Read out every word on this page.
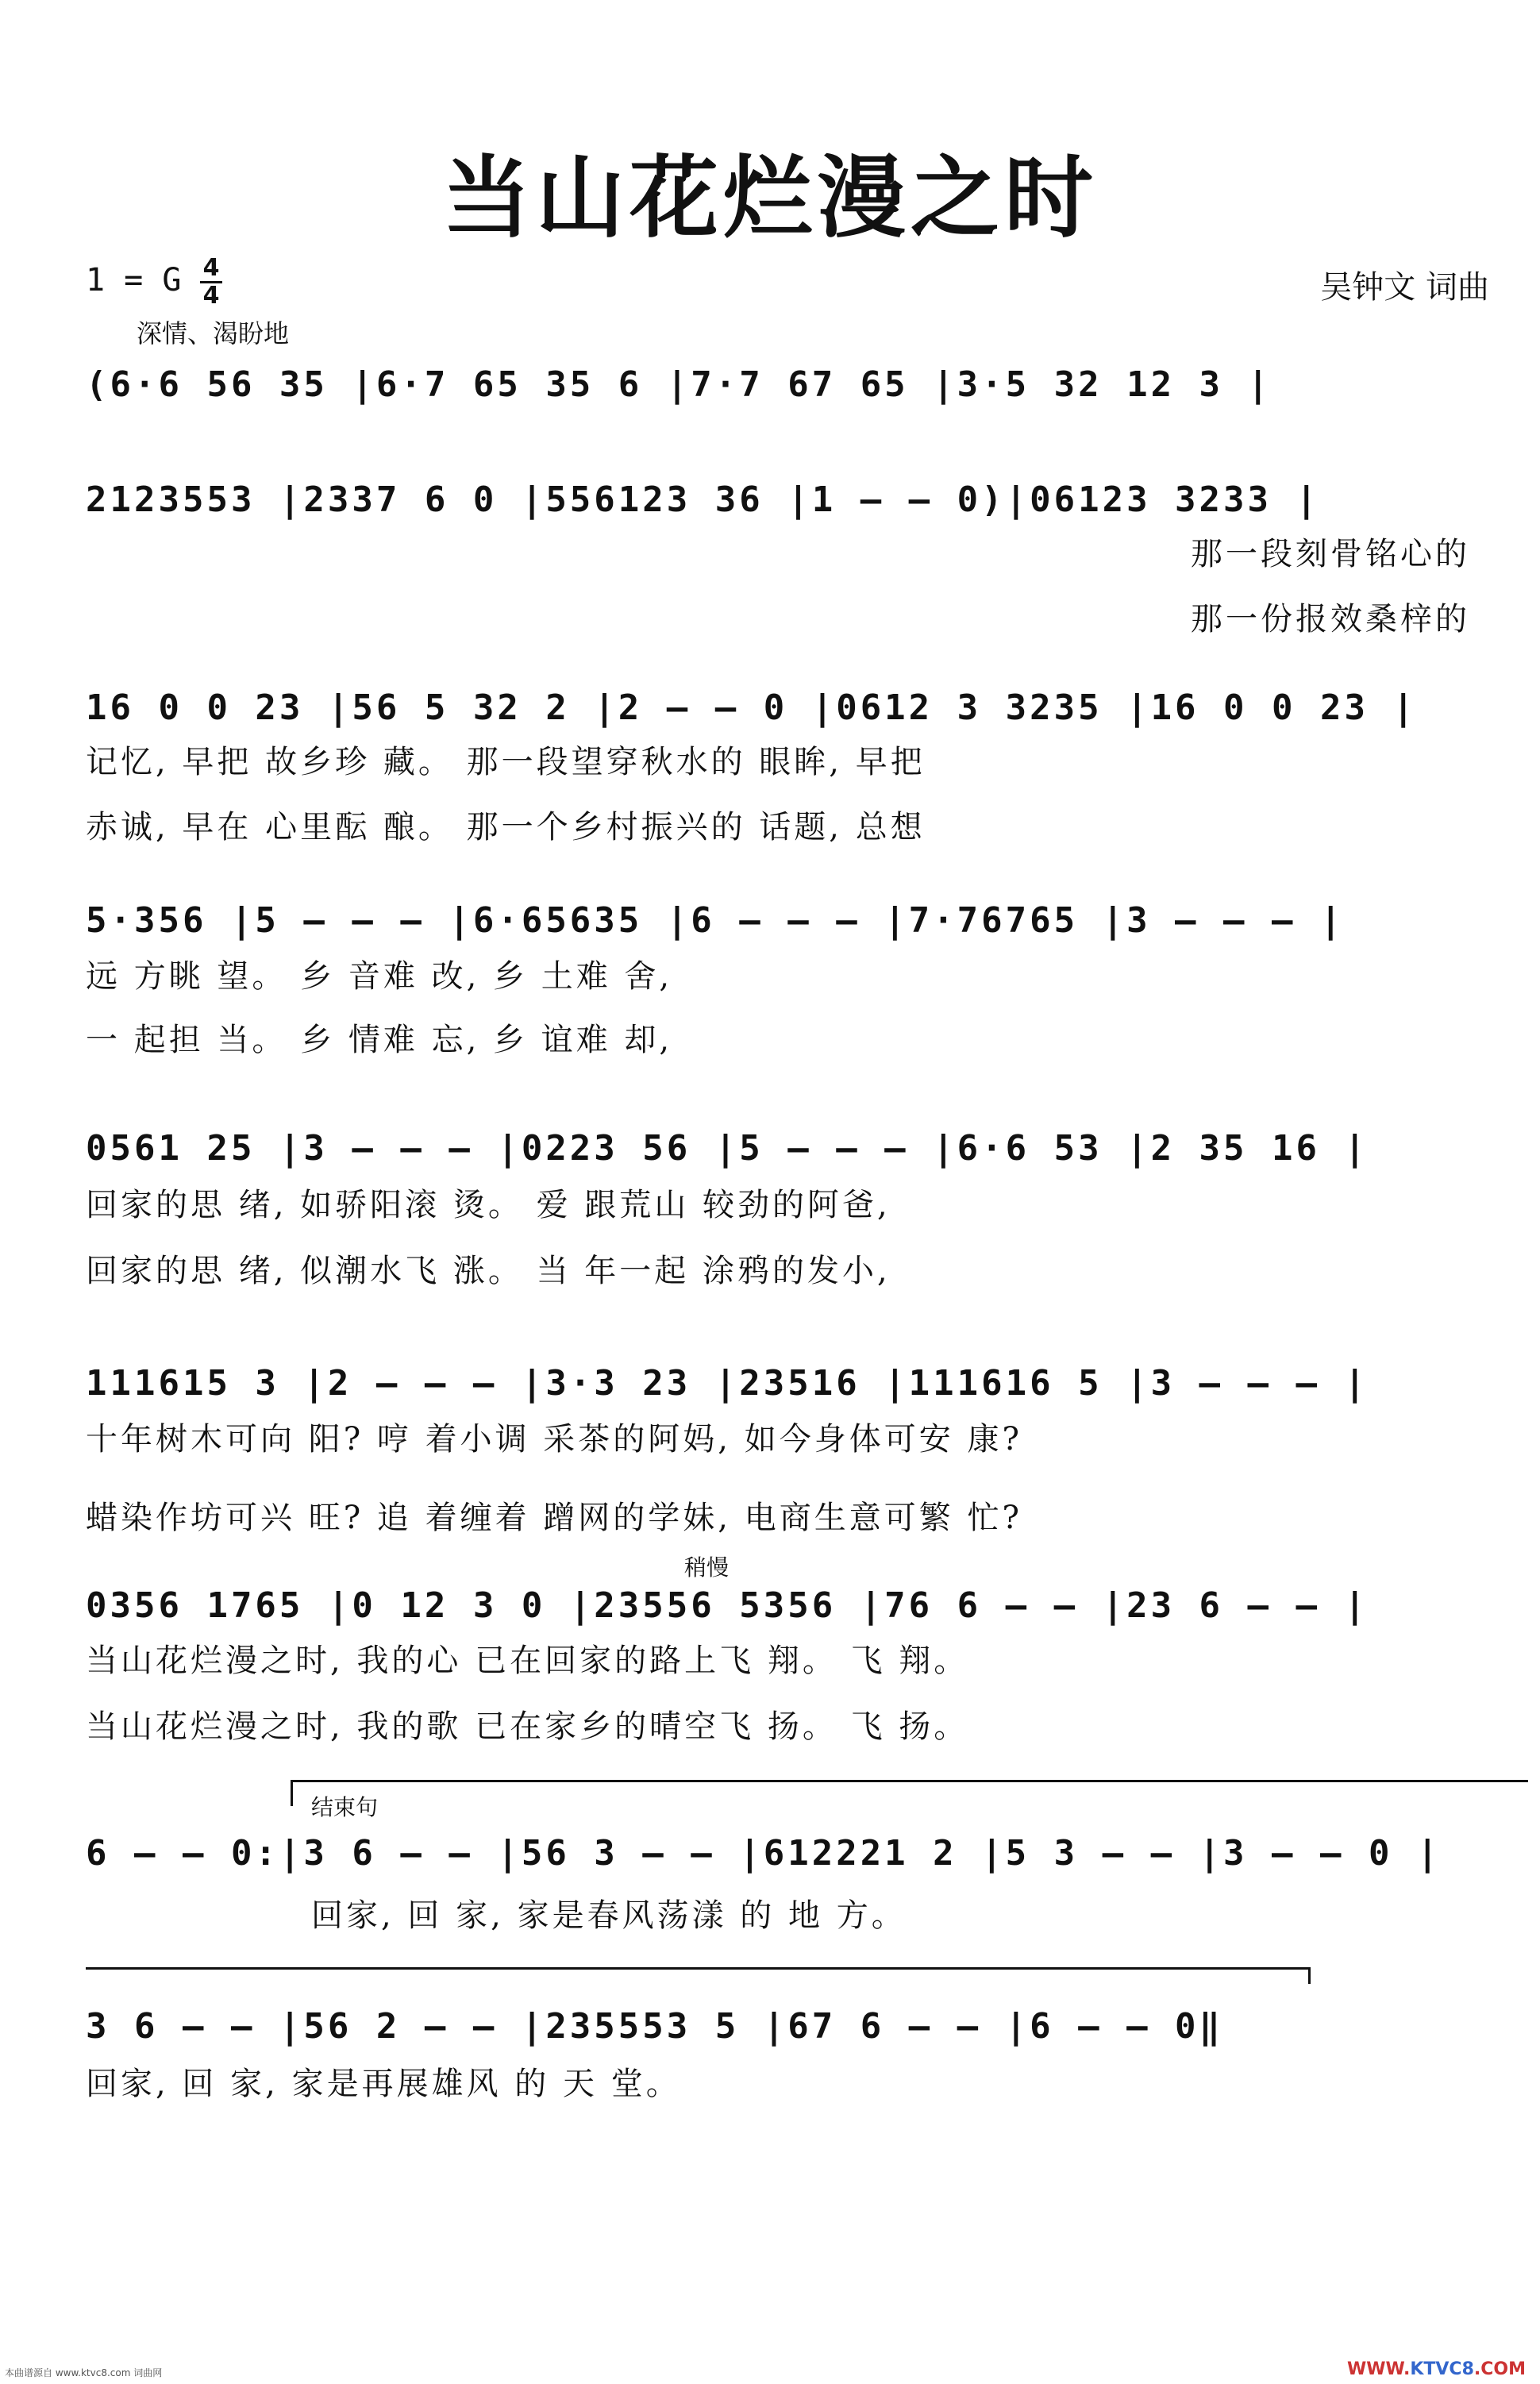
当山花烂漫之时
1 = G 4
4
深情、渴盼地
吴钟文 词曲
(6·6 56 35 |6·7 65 35 6 |7·7 67 65 |3·5 32 12 3 |
2123553 |2337 6 0 |556123 36 |1 — — 0)|06123 3233 |
那一段刻骨铭心的
那一份报效桑梓的
16 0 0 23 |56 5 32 2 |2 — — 0 |0612 3 3235 |16 0 0 23 |
记忆, 早把 故乡珍 藏。 那一段望穿秋水的 眼眸, 早把
赤诚, 早在 心里酝 酿。 那一个乡村振兴的 话题, 总想
5·356 |5 — — — |6·65635 |6 — — — |7·76765 |3 — — — |
远 方眺 望。 乡 音难 改, 乡 土难 舍,
一 起担 当。 乡 情难 忘, 乡 谊难 却,
0561 25 |3 — — — |0223 56 |5 — — — |6·6 53 |2 35 16 |
回家的思 绪, 如骄阳滚 烫。 爱 跟荒山 较劲的阿爸,
回家的思 绪, 似潮水飞 涨。 当 年一起 涂鸦的发小,
111615 3 |2 — — — |3·3 23 |23516 |111616 5 |3 — — — |
十年树木可向 阳? 哼 着小调 采茶的阿妈, 如今身体可安 康?
蜡染作坊可兴 旺? 追 着缠着 蹭网的学妹, 电商生意可繁 忙?
稍慢
0356 1765 |0 12 3 0 |23556 5356 |76 6 — — |23 6 — — |
当山花烂漫之时, 我的心 已在回家的路上飞 翔。 飞 翔。
当山花烂漫之时, 我的歌 已在家乡的晴空飞 扬。 飞 扬。
结束句
6 — — 0:|3 6 — — |56 3 — — |612221 2 |5 3 — — |3 — — 0 |
回家, 回 家, 家是春风荡漾 的 地 方。
3 6 — — |56 2 — — |235553 5 |67 6 — — |6 — — 0‖
回家, 回 家, 家是再展雄风 的 天 堂。
本曲谱源自 www.ktvc8.com 词曲网	WWW.KTVC8.COM
